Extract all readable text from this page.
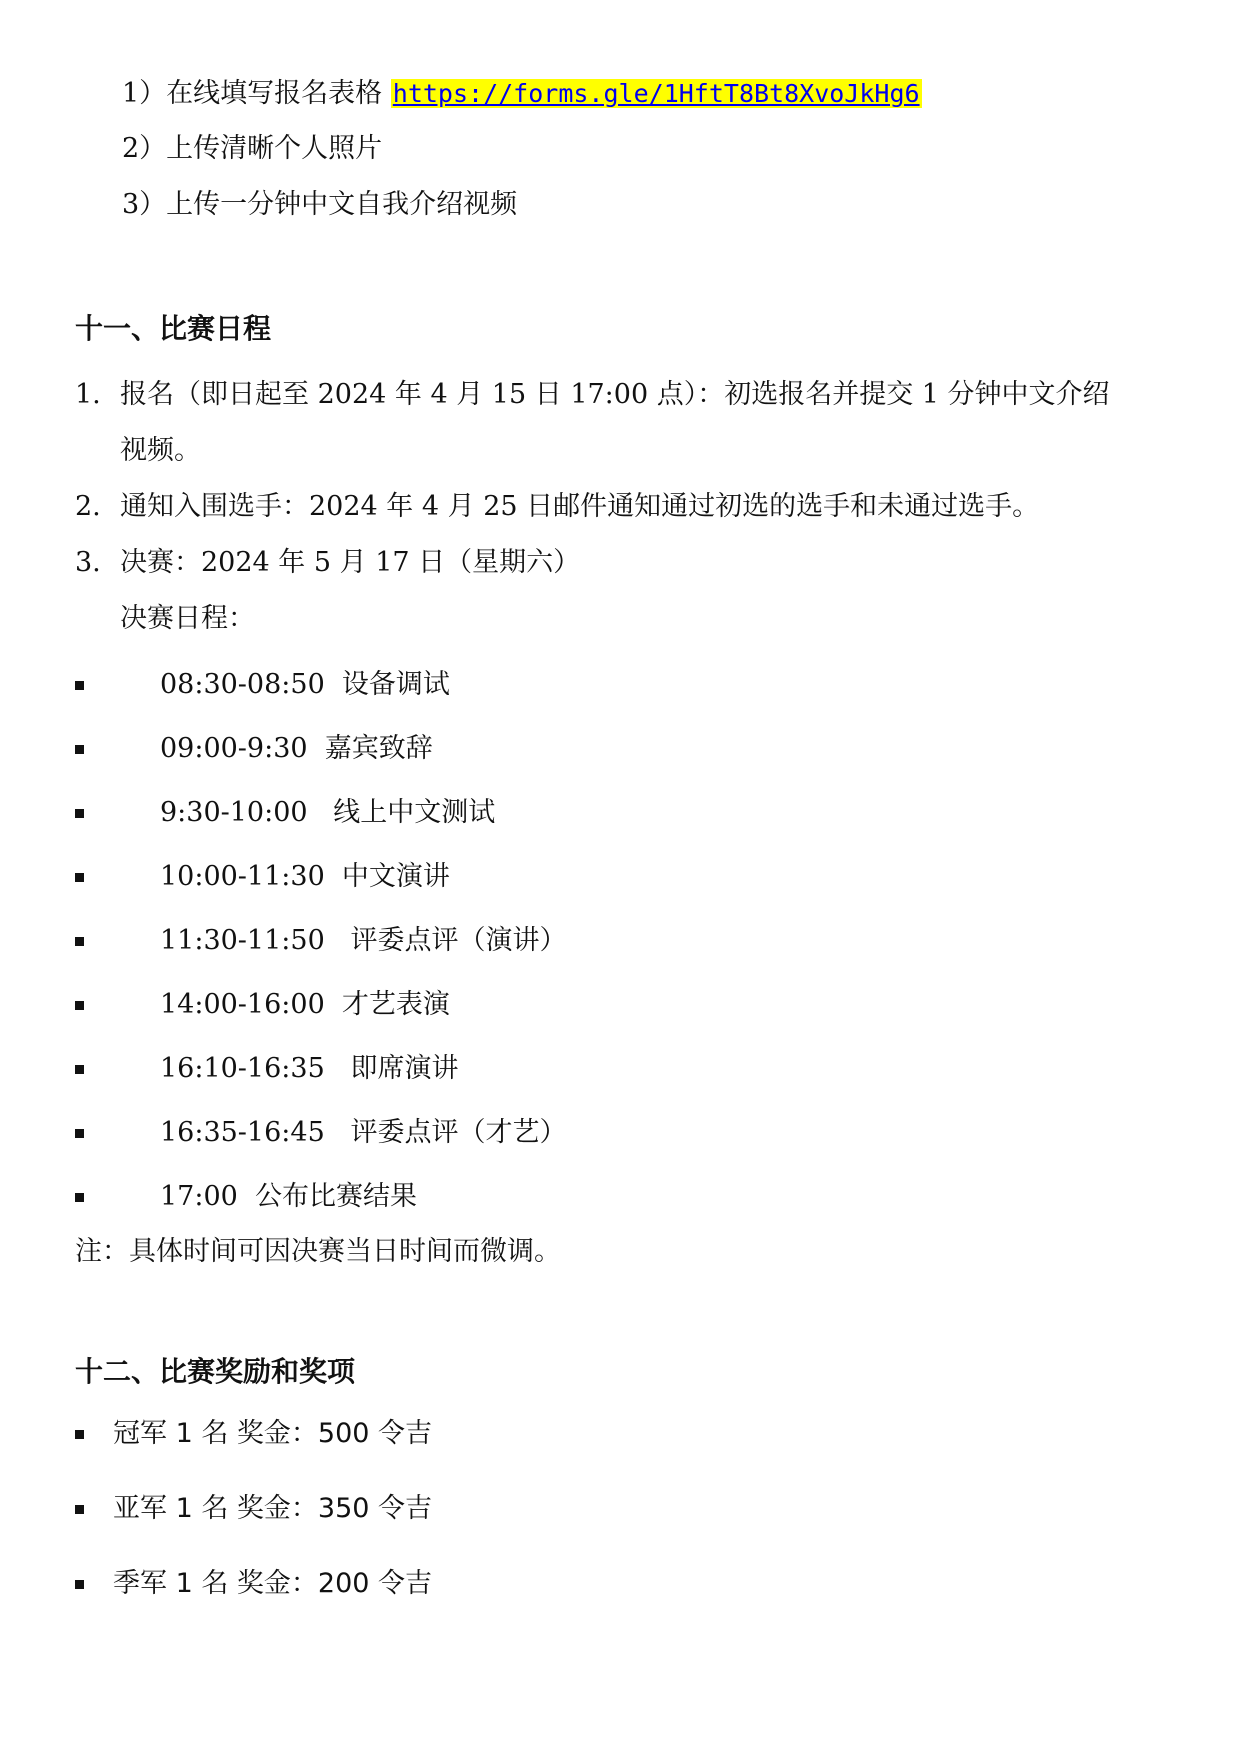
1）在线填写报名表格 https://forms.gle/1HftT8Bt8XvoJkHg6
2）上传清晰个人照片
3）上传一分钟中文自我介绍视频
十一、比赛日程
1. 报名（即日起至 2024 年 4 月 15 日 17:00 点）：初选报名并提交 1 分钟中文介绍
视频。
2. 通知入围选手：2024 年 4 月 25 日邮件通知通过初选的选手和未通过选手。
3. 决赛：2024 年 5 月 17 日（星期六）
决赛日程：
08:30-08:50  设备调试
09:00-9:30  嘉宾致辞
9:30-10:00   线上中文测试
10:00-11:30  中文演讲
11:30-11:50   评委点评（演讲）
14:00-16:00  才艺表演
16:10-16:35   即席演讲
16:35-16:45   评委点评（才艺）
17:00  公布比赛结果
注：具体时间可因决赛当日时间而微调。
十二、比赛奖励和奖项
冠军 1 名 奖金：500 令吉
亚军 1 名 奖金：350 令吉
季军 1 名 奖金：200 令吉
